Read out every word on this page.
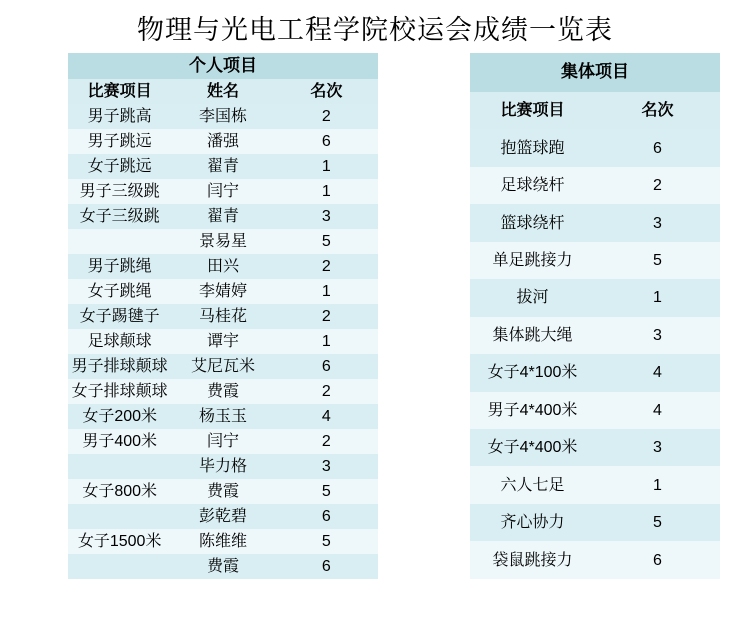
物理与光电工程学院校运会成绩一览表
个人项目		
比赛项目	姓名	名次
男子跳高	李国栋	2
男子跳远	潘强	6
女子跳远	翟青	1
男子三级跳	闫宁	1
女子三级跳	翟青	3
	景易星	5
男子跳绳	田兴	2
女子跳绳	李婧婷	1
女子踢毽子	马桂花	2
足球颠球	谭宇	1
男子排球颠球	艾尼瓦米	6
女子排球颠球	费霞	2
女子200米	杨玉玉	4
男子400米	闫宁	2
	毕力格	3
女子800米	费霞	5
	彭乾碧	6
女子1500米	陈维维	5
	费霞	6
集体项目	
比赛项目	名次
抱篮球跑	6
足球绕杆	2
篮球绕杆	3
单足跳接力	5
拔河	1
集体跳大绳	3
女子4*100米	4
男子4*400米	4
女子4*400米	3
六人七足	1
齐心协力	5
袋鼠跳接力	6
